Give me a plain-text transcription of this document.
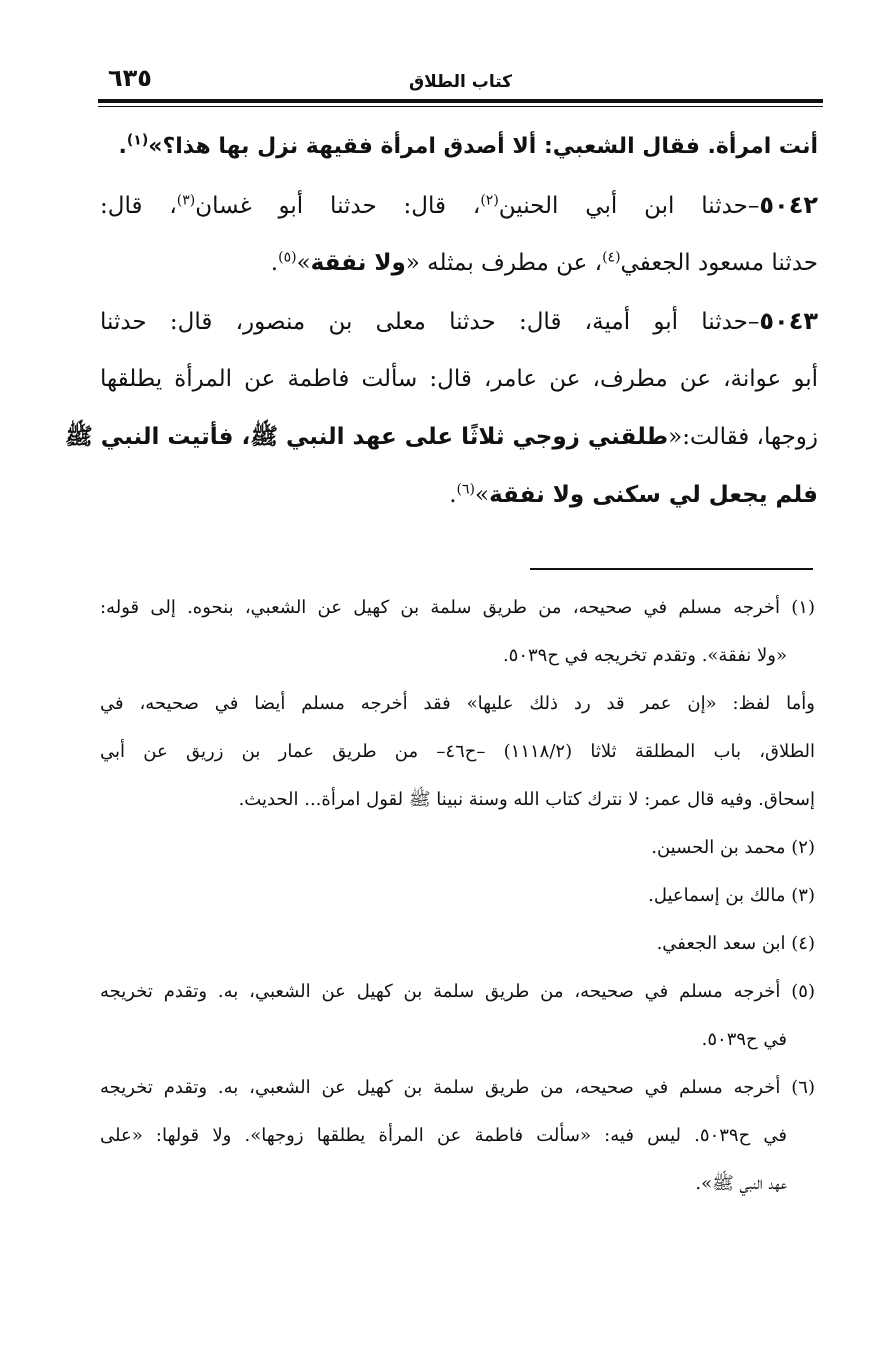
٦٣٥	كتاب الطلاق
أنت امرأة. فقال الشعبي: ألا أصدق امرأة فقيهة نزل بها هذا؟»$^{(١)}$.
٥٠٤٢–حدثنا ابن أبي الحنين$^{(٢)}$، قال: حدثنا أبو غسان$^{(٣)}$، قال:
حدثنا مسعود الجعفي$^{(٤)}$، عن مطرف بمثله «ولا نفقة»$^{(٥)}$.
٥٠٤٣–حدثنا أبو أمية، قال: حدثنا معلى بن منصور، قال: حدثنا
أبو عوانة، عن مطرف، عن عامر، قال: سألت فاطمة عن المرأة يطلقها
زوجها، فقالت:«طلقني زوجي ثلاثًا على عهد النبي ﷺ، فأتيت النبي ﷺ
فلم يجعل لي سكنى ولا نفقة»$^{(٦)}$.
(١) أخرجه مسلم في صحيحه، من طريق سلمة بن كهيل عن الشعبي، بنحوه. إلى قوله:
«ولا نفقة». وتقدم تخريجه في ح٥٠٣٩.
وأما لفظ: «إن عمر قد رد ذلك عليها» فقد أخرجه مسلم أيضا في صحيحه، في
الطلاق، باب المطلقة ثلاثا (١١١٨/٢) –ح٤٦– من طريق عمار بن زريق عن أبي
إسحاق. وفيه قال عمر: لا نترك كتاب الله وسنة نبينا ﷺ لقول امرأة... الحديث.
(٢) محمد بن الحسين.
(٣) مالك بن إسماعيل.
(٤) ابن سعد الجعفي.
(٥) أخرجه مسلم في صحيحه، من طريق سلمة بن كهيل عن الشعبي، به. وتقدم تخريجه
في ح٥٠٣٩.
(٦) أخرجه مسلم في صحيحه، من طريق سلمة بن كهيل عن الشعبي، به. وتقدم تخريجه
في ح٥٠٣٩. ليس فيه: «سألت فاطمة عن المرأة يطلقها زوجها». ولا قولها: «على
عهد النبي ﷺ».
